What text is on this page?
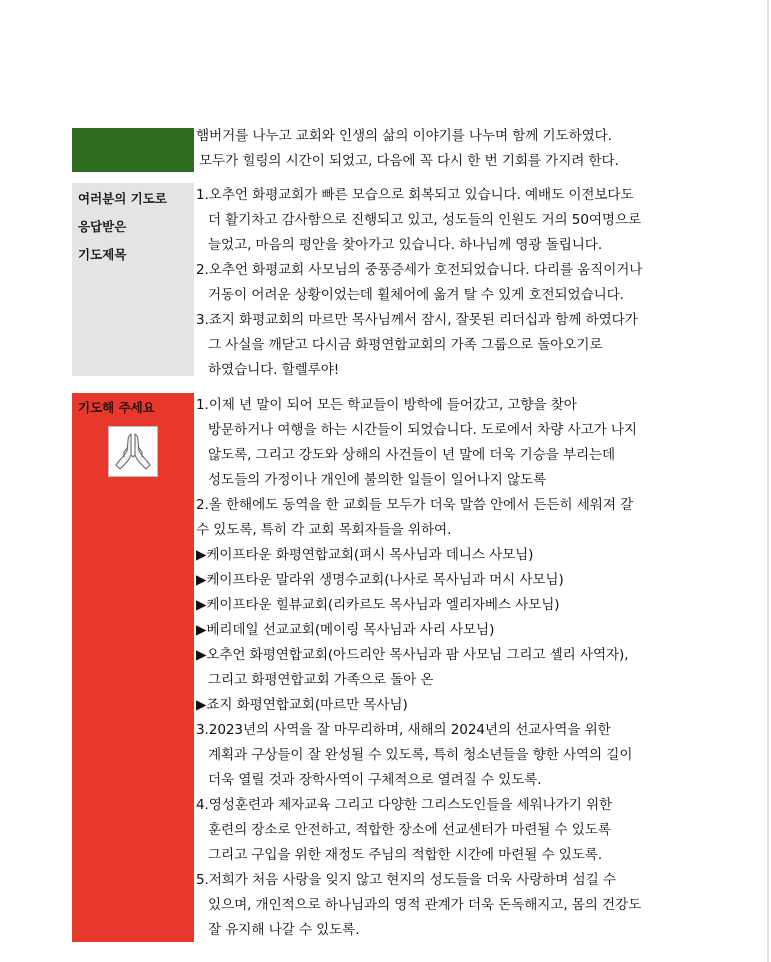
햄버거를 나누고 교회와 인생의 삶의 이야기를 나누며 함께 기도하였다.
모두가 힐링의 시간이 되었고, 다음에 꼭 다시 한 번 기회를 가지려 한다.
여러분의 기도로
응답받은
기도제목
1.오추언 화평교회가 빠른 모습으로 회복되고 있습니다. 예배도 이전보다도
더 활기차고 감사함으로 진행되고 있고, 성도들의 인원도 거의 50여명으로
늘었고, 마음의 평안을 찾아가고 있습니다. 하나님께 영광 돌립니다.
2.오추언 화평교회 사모님의 중풍증세가 호전되었습니다. 다리를 움직이거나
거동이 어려운 상황이었는데 휠체어에 옮겨 탈 수 있게 호전되었습니다.
3.죠지 화평교회의 마르만 목사님께서 잠시, 잘못된 리더십과 함께 하였다가
그 사실을 깨닫고 다시금 화평연합교회의 가족 그룹으로 돌아오기로
하였습니다. 할렐루야!
기도해 주세요	1.이제 년 말이 되어 모든 학교들이 방학에 들어갔고, 고향을 찾아
방문하거나 여행을 하는 시간들이 되었습니다. 도로에서 차량 사고가 나지
않도록, 그리고 강도와 상해의 사건들이 년 말에 더욱 기승을 부리는데
성도들의 가정이나 개인에 불의한 일들이 일어나지 않도록
2.올 한해에도 동역을 한 교회들 모두가 더욱 말씀 안에서 든든히 세워져 갈
수 있도록, 특히 각 교회 목회자들을 위하여.
▶케이프타운 화평연합교회(펴시 목사님과 데니스 사모님)
▶케이프타운 말라위 생명수교회(나사로 목사님과 머시 사모님)
▶케이프타운 힐뷰교회(리카르도 목사님과 엘리자베스 사모님)
▶베리데일 선교교회(메이링 목사님과 사리 사모님)
▶오추언 화평연합교회(아드리안 목사님과 팜 사모님 그리고 셸리 사역자),
그리고 화평연합교회 가족으로 돌아 온
▶죠지 화평연합교회(마르만 목사님)
3.2023년의 사역을 잘 마무리하며, 새해의 2024년의 선교사역을 위한
계획과 구상들이 잘 완성될 수 있도록, 특히 청소년들을 향한 사역의 길이
더욱 열릴 것과 장학사역이 구체적으로 열려질 수 있도록.
4.영성훈련과 제자교육 그리고 다양한 그리스도인들을 세워나가기 위한
훈련의 장소로 안전하고, 적합한 장소에 선교센터가 마련될 수 있도록
그리고 구입을 위한 재정도 주님의 적합한 시간에 마련될 수 있도록.
5.저희가 처음 사랑을 잊지 않고 현지의 성도들을 더욱 사랑하며 섬길 수
있으며, 개인적으로 하나님과의 영적 관계가 더욱 돈독해지고, 몸의 건강도
잘 유지해 나갈 수 있도록.
